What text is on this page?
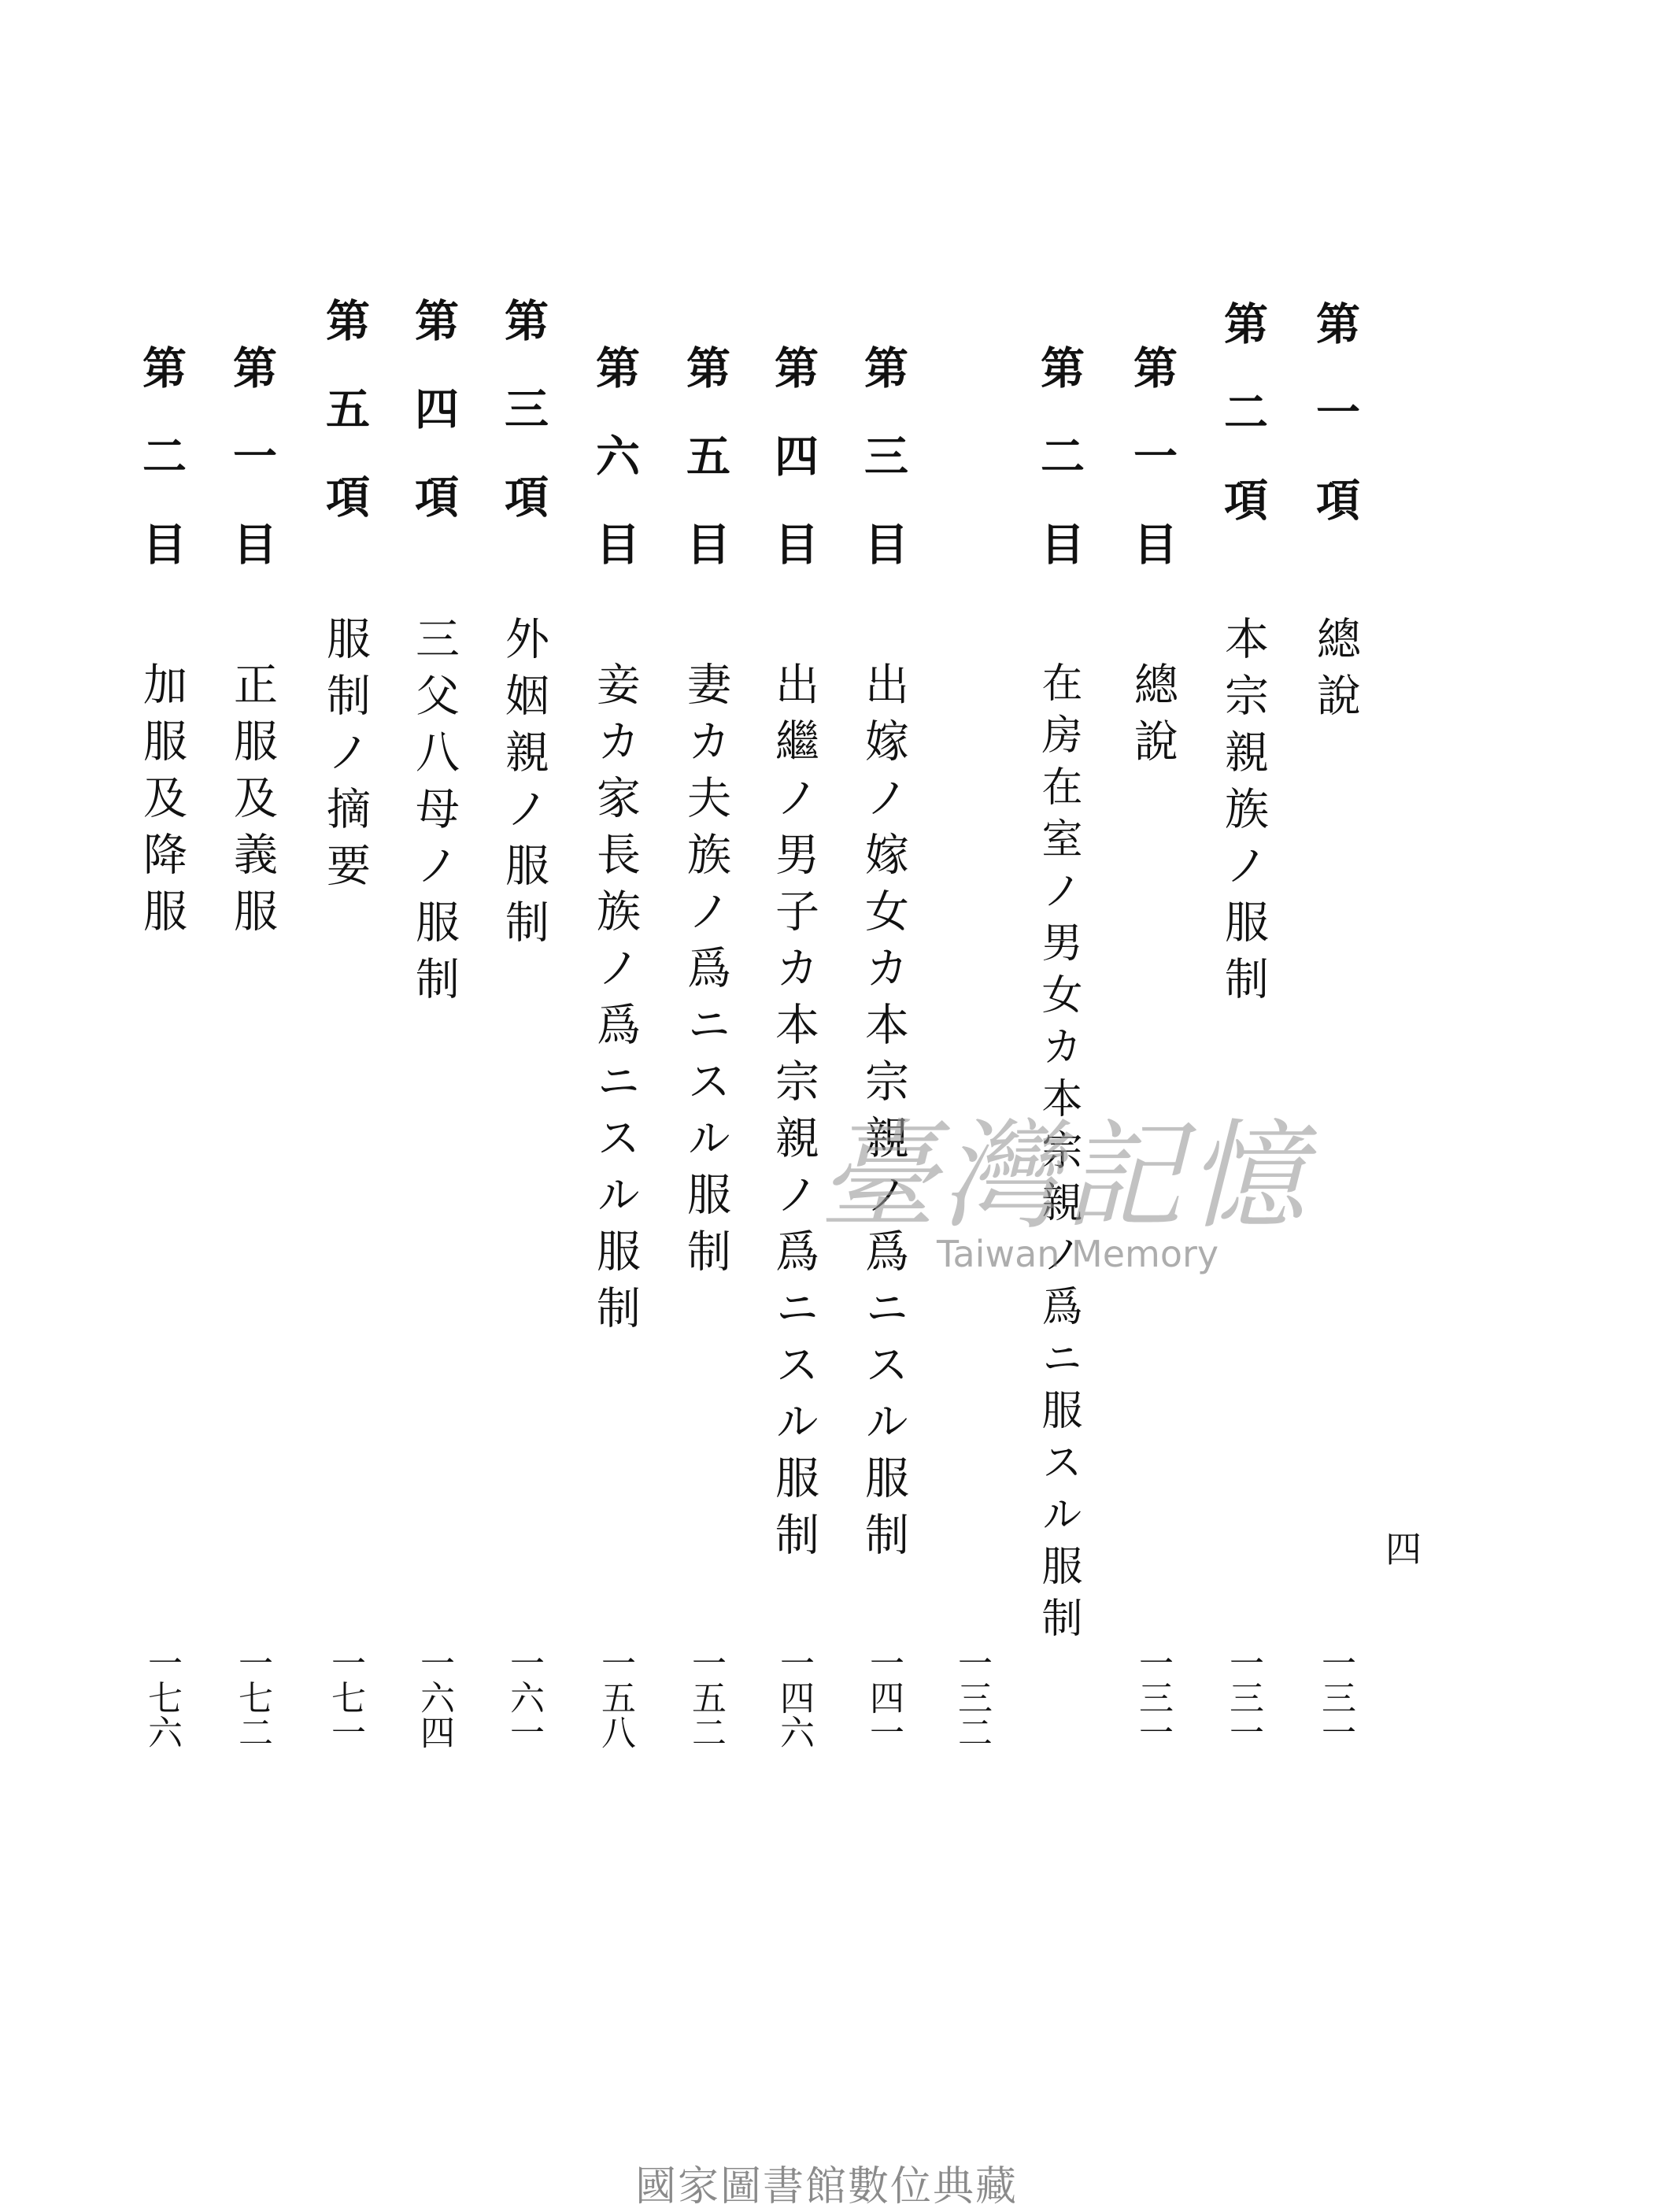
第一項
總說
一三一
第二項
本宗親族ノ服制
一三一
第一目
總說
一三一
第二目
在房在室ノ男女カ本宗親ノ爲ニ服スル服制
一三二
第三目
出嫁ノ嫁女カ本宗親ノ爲ニスル服制
一四一
第四目
出繼ノ男子カ本宗親ノ爲ニスル服制
一四六
第五目
妻カ夫族ノ爲ニスル服制
一五二
第六目
妾カ家長族ノ爲ニスル服制
一五八
第三項
外姻親ノ服制
一六一
第四項
三父八母ノ服制
一六四
第五項
服制ノ摘要
一七一
第一目
正服及義服
一七二
第二目
加服及降服
一七六
四
臺灣記憶
Taiwan Memory
國家圖書館數位典藏
